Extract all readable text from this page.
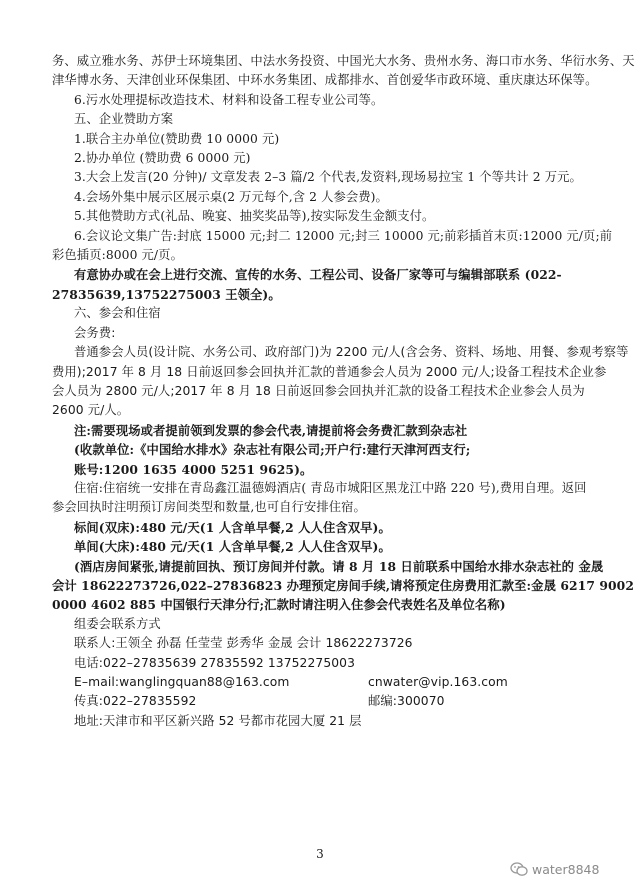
务、威立雅水务、苏伊士环境集团、中法水务投资、中国光大水务、贵州水务、海口市水务、华衍水务、天
津华博水务、天津创业环保集团、中环水务集团、成都排水、首创爱华市政环境、重庆康达环保等。
6.污水处理提标改造技术、材料和设备工程专业公司等。
五、企业赞助方案
1.联合主办单位(赞助费 10 0000 元)
2.协办单位 (赞助费 6 0000 元)
3.大会上发言(20 分钟)/ 文章发表 2–3 篇/2 个代表,发资料,现场易拉宝 1 个等共计 2 万元。
4.会场外集中展示区展示桌(2 万元每个,含 2 人参会费)。
5.其他赞助方式(礼品、晚宴、抽奖奖品等),按实际发生金额支付。
6.会议论文集广告:封底 15000 元;封二 12000 元;封三 10000 元;前彩插首末页:12000 元/页;前
彩色插页:8000 元/页。
有意协办或在会上进行交流、宣传的水务、工程公司、设备厂家等可与编辑部联系 (022-
27835639,13752275003 王领全)。
六、参会和住宿
会务费:
普通参会人员(设计院、水务公司、政府部门)为 2200 元/人(含会务、资料、场地、用餐、参观考察等
费用);2017 年 8 月 18 日前返回参会回执并汇款的普通参会人员为 2000 元/人;设备工程技术企业参
会人员为 2800 元/人;2017 年 8 月 18 日前返回参会回执并汇款的设备工程技术企业参会人员为
2600 元/人。
注:需要现场或者提前领到发票的参会代表,请提前将会务费汇款到杂志社
(收款单位:《中国给水排水》杂志社有限公司;开户行:建行天津河西支行;
账号:1200 1635 4000 5251 9625)。
住宿:住宿统一安排在青岛鑫江温德姆酒店( 青岛市城阳区黑龙江中路 220 号),费用自理。返回
参会回执时注明预订房间类型和数量,也可自行安排住宿。
标间(双床):480 元/天(1 人含单早餐,2 人人住含双早)。
单间(大床):480 元/天(1 人含单早餐,2 人人住含双早)。
(酒店房间紧张,请提前回执、预订房间并付款。请 8 月 18 日前联系中国给水排水杂志社的 金晟
会计 18622273726,022–27836823 办理预定房间手续,请将预定住房费用汇款至:金晟 6217 9002
0000 4602 885 中国银行天津分行;汇款时请注明入住参会代表姓名及单位名称)
组委会联系方式
联系人:王领全 孙磊 任莹莹 彭秀华 金晟 会计 18622273726
电话:022–27835639 27835592 13752275003
E–mail:wanglingquan88@163.com	cnwater@vip.163.com
传真:022–27835592	邮编:300070
地址:天津市和平区新兴路 52 号都市花园大厦 21 层
3
water8848
